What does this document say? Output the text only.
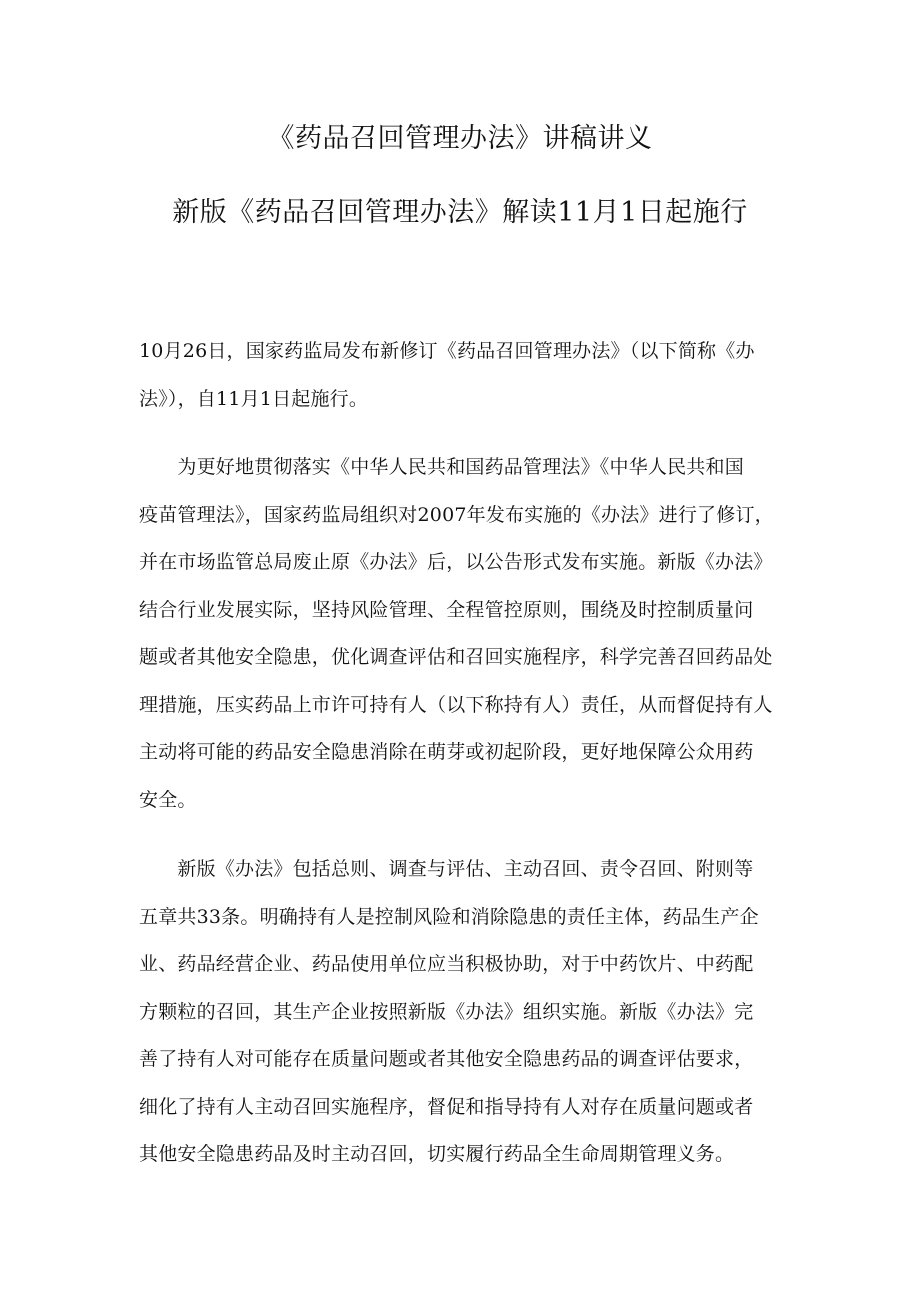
《药品召回管理办法》讲稿讲义
新版《药品召回管理办法》解读11月1日起施行

10月26日，国家药监局发布新修订《药品召回管理办法》（以下简称《办
法》），自11月1日起施行。

　　为更好地贯彻落实《中华人民共和国药品管理法》《中华人民共和国
疫苗管理法》，国家药监局组织对2007年发布实施的《办法》进行了修订，
并在市场监管总局废止原《办法》后，以公告形式发布实施。新版《办法》
结合行业发展实际，坚持风险管理、全程管控原则，围绕及时控制质量问
题或者其他安全隐患，优化调查评估和召回实施程序，科学完善召回药品处
理措施，压实药品上市许可持有人（以下称持有人）责任，从而督促持有人
主动将可能的药品安全隐患消除在萌芽或初起阶段，更好地保障公众用药
安全。

　　新版《办法》包括总则、调查与评估、主动召回、责令召回、附则等
五章共33条。明确持有人是控制风险和消除隐患的责任主体，药品生产企
业、药品经营企业、药品使用单位应当积极协助，对于中药饮片、中药配
方颗粒的召回，其生产企业按照新版《办法》组织实施。新版《办法》完
善了持有人对可能存在质量问题或者其他安全隐患药品的调查评估要求，
细化了持有人主动召回实施程序，督促和指导持有人对存在质量问题或者
其他安全隐患药品及时主动召回，切实履行药品全生命周期管理义务。
